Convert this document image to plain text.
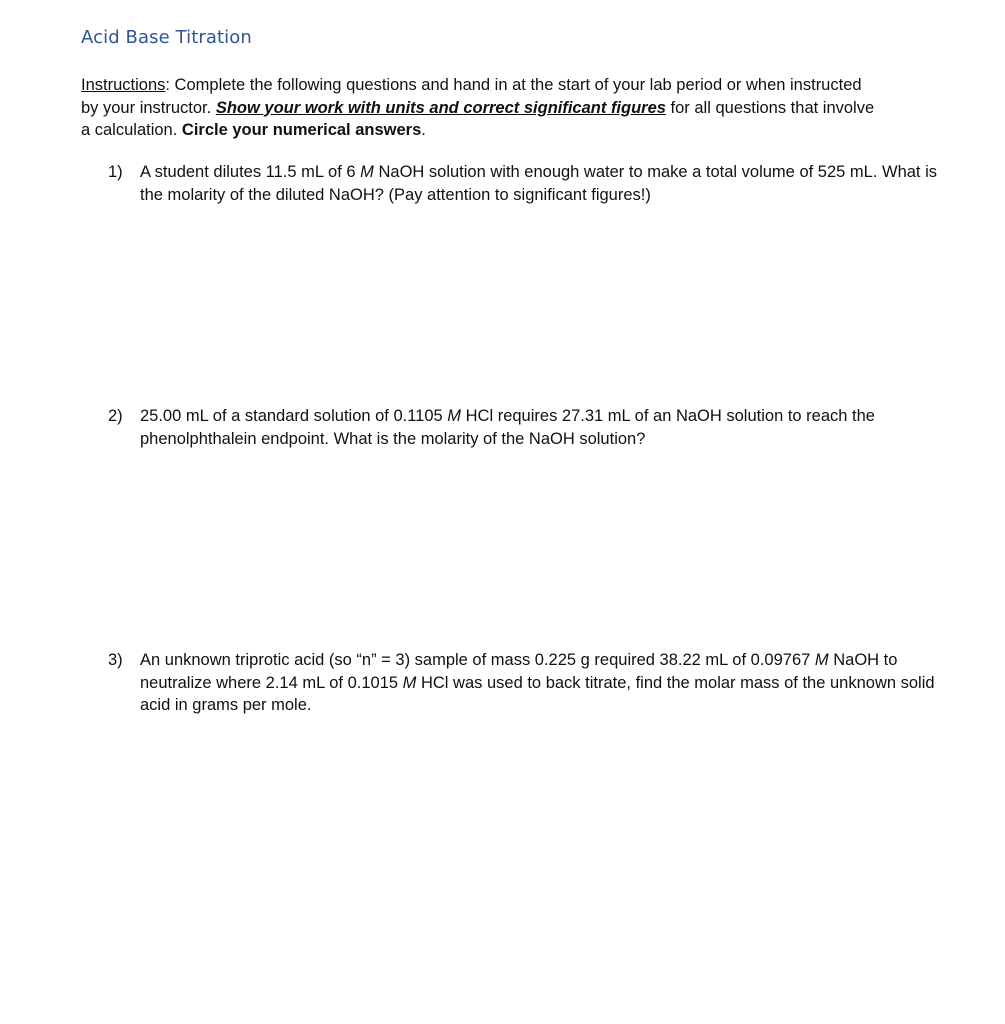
Acid Base Titration
Instructions: Complete the following questions and hand in at the start of your lab period or when instructed by your instructor. Show your work with units and correct significant figures for all questions that involve a calculation. Circle your numerical answers.
1) A student dilutes 11.5 mL of 6 M NaOH solution with enough water to make a total volume of 525 mL. What is the molarity of the diluted NaOH? (Pay attention to significant figures!)
2) 25.00 mL of a standard solution of 0.1105 M HCl requires 27.31 mL of an NaOH solution to reach the phenolphthalein endpoint. What is the molarity of the NaOH solution?
3) An unknown triprotic acid (so “n” = 3) sample of mass 0.225 g required 38.22 mL of 0.09767 M NaOH to neutralize where 2.14 mL of 0.1015 M HCl was used to back titrate, find the molar mass of the unknown solid acid in grams per mole.
